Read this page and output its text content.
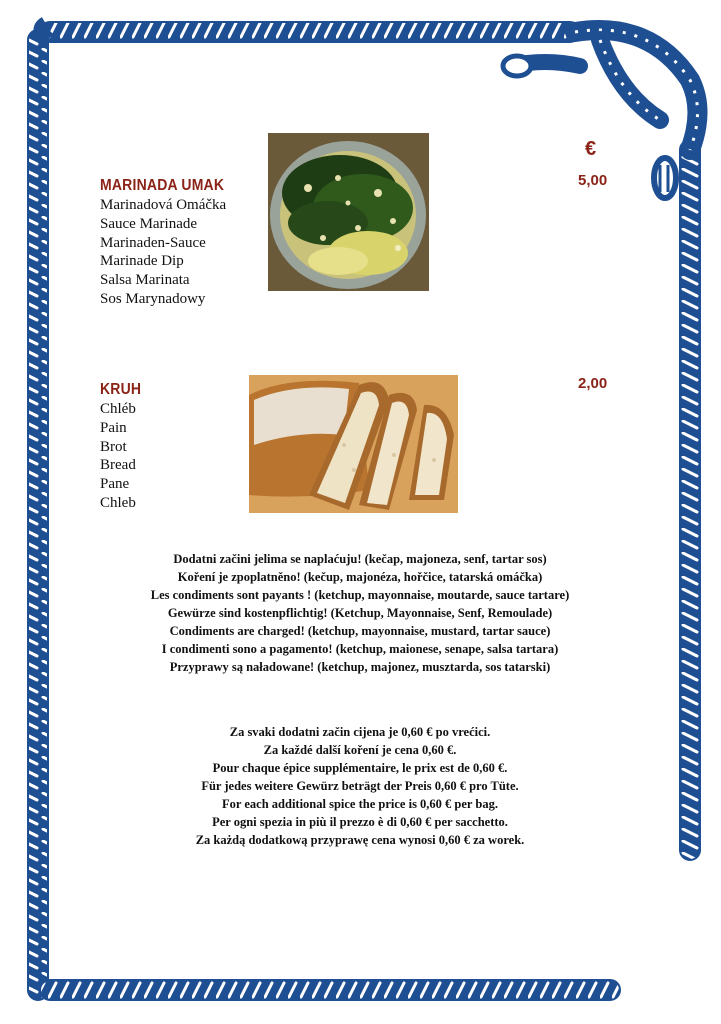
€
MARINADA UMAK
Marinadová Omáčka
Sauce Marinade
Marinaden-Sauce
Marinade Dip
Salsa Marinata
Sos Marynadowy
5,00
KRUH
Chléb
Pain
Brot
Bread
Pane
Chleb
2,00
Dodatni začini jelima se naplaćuju! (kečap, majoneza, senf, tartar sos)
Koření je zpoplatněno! (kečup, majonéza, hořčice, tatarská omáčka)
Les condiments sont payants ! (ketchup, mayonnaise, moutarde, sauce tartare)
Gewürze sind kostenpflichtig! (Ketchup, Mayonnaise, Senf, Remoulade)
Condiments are charged! (ketchup, mayonnaise, mustard, tartar sauce)
I condimenti sono a pagamento! (ketchup, maionese, senape, salsa tartara)
Przyprawy są naładowane! (ketchup, majonez, musztarda, sos tatarski)
Za svaki dodatni začin cijena je 0,60 € po vrećici.
Za každé další koření je cena 0,60 €.
Pour chaque épice supplémentaire, le prix est de 0,60 €.
Für jedes weitere Gewürz beträgt der Preis 0,60 € pro Tüte.
For each additional spice the price is 0,60 € per bag.
Per ogni spezia in più il prezzo è di 0,60 € per sacchetto.
Za każdą dodatkową przyprawę cena wynosi 0,60 € za worek.
